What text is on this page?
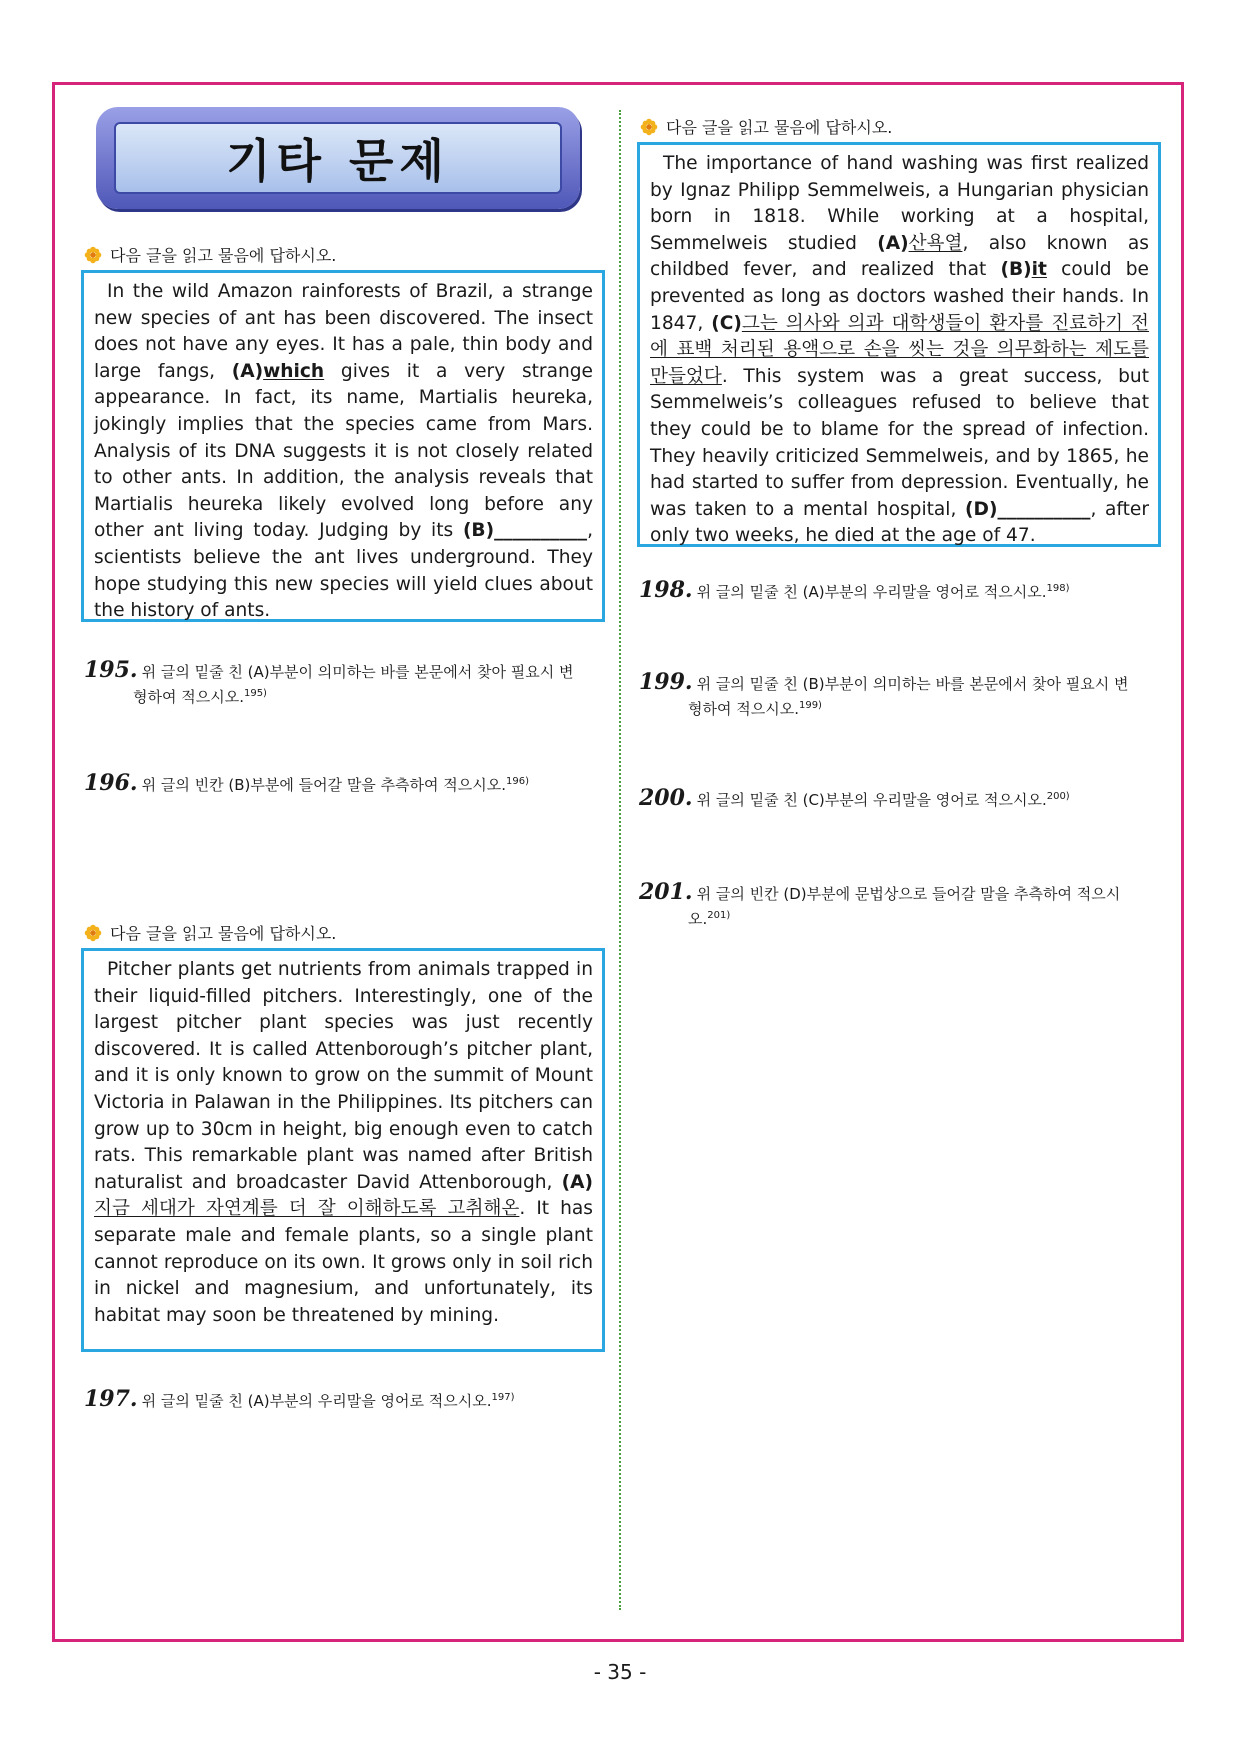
기타 문제
다음 글을 읽고 물음에 답하시오.

In the wild Amazon rainforests of Brazil, a strange new species of ant has been discovered. The insect does not have any eyes. It has a pale, thin body and large fangs, (A)which gives it a very strange appearance. In fact, its name, Martialis heureka, jokingly implies that the species came from Mars. Analysis of its DNA suggests it is not closely related to other ants. In addition, the analysis reveals that Martialis heureka likely evolved long before any other ant living today. Judging by its (B)__________, scientists believe the ant lives underground. They hope studying this new species will yield clues about the history of ants.

195. 위 글의 밑줄 친 (A)부분이 의미하는 바를 본문에서 찾아 필요시 변
형하여 적으시오.$^{195)}$
196. 위 글의 빈칸 (B)부분에 들어갈 말을 추측하여 적으시오.$^{196)}$
다음 글을 읽고 물음에 답하시오.

Pitcher plants get nutrients from animals trapped in their liquid-filled pitchers. Interestingly, one of the largest pitcher plant species was just recently discovered. It is called Attenborough’s pitcher plant, and it is only known to grow on the summit of Mount Victoria in Palawan in the Philippines. Its pitchers can grow up to 30cm in height, big enough even to catch rats. This remarkable plant was named after British naturalist and broadcaster David Attenborough, (A)지금 세대가 자연계를 더 잘 이해하도록 고취해온. It has separate male and female plants, so a single plant cannot reproduce on its own. It grows only in soil rich in nickel and magnesium, and unfortunately, its habitat may soon be threatened by mining.

197. 위 글의 밑줄 친 (A)부분의 우리말을 영어로 적으시오.$^{197)}$
다음 글을 읽고 물음에 답하시오.

The importance of hand washing was first realized by Ignaz Philipp Semmelweis, a Hungarian physician born in 1818. While working at a hospital, Semmelweis studied (A)산욕열, also known as childbed fever, and realized that (B)it could be prevented as long as doctors washed their hands. In 1847, (C)그는 의사와 의과 대학생들이 환자를 진료하기 전에 표백 처리된 용액으로 손을 씻는 것을 의무화하는 제도를 만들었다. This system was a great success, but Semmelweis’s colleagues refused to believe that they could be to blame for the spread of infection. They heavily criticized Semmelweis, and by 1865, he had started to suffer from depression. Eventually, he was taken to a mental hospital, (D)__________, after only two weeks, he died at the age of 47.

198. 위 글의 밑줄 친 (A)부분의 우리말을 영어로 적으시오.$^{198)}$
199. 위 글의 밑줄 친 (B)부분이 의미하는 바를 본문에서 찾아 필요시 변
형하여 적으시오.$^{199)}$
200. 위 글의 밑줄 친 (C)부분의 우리말을 영어로 적으시오.$^{200)}$
201. 위 글의 빈칸 (D)부분에 문법상으로 들어갈 말을 추측하여 적으시
오.$^{201)}$
- 35 -
